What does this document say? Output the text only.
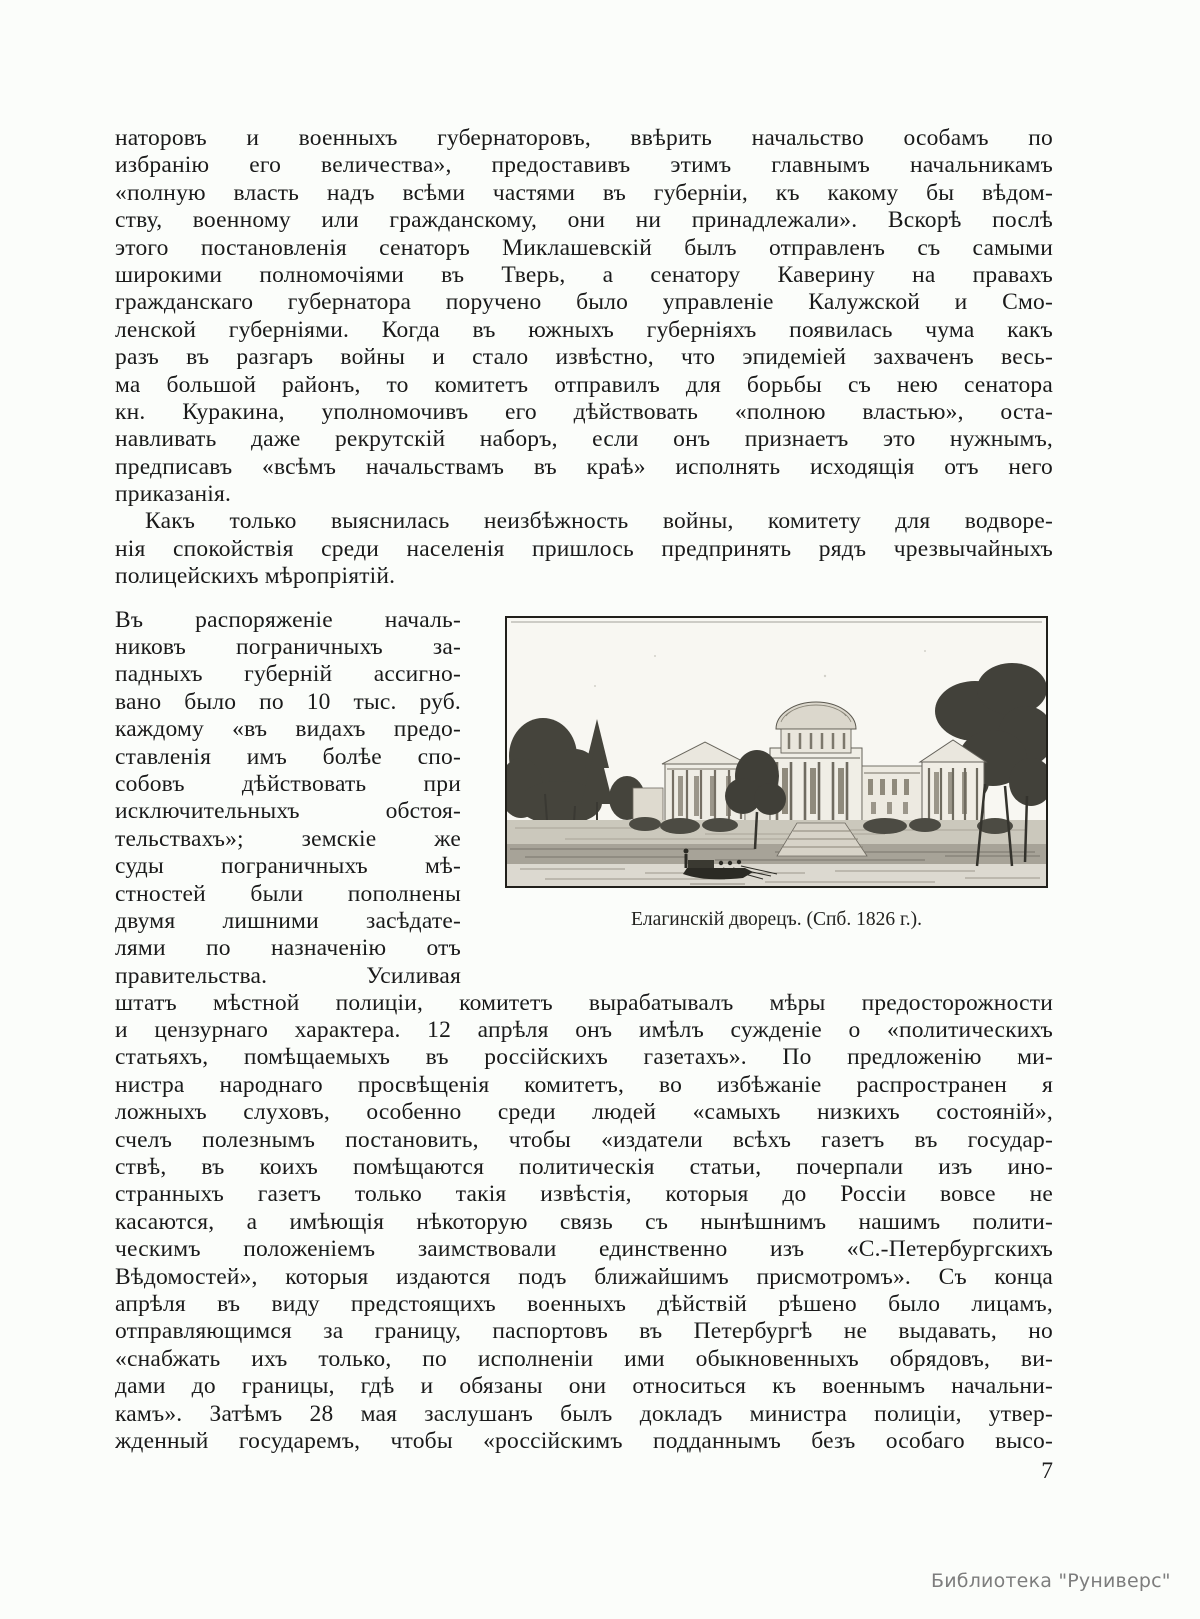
наторовъ и военныхъ губернаторовъ, ввѣрить начальство особамъ по
избранію его величества», предоставивъ этимъ главнымъ начальникамъ
«полную власть надъ всѣми частями въ губерніи, къ какому бы вѣдом-
ству, военному или гражданскому, они ни принадлежали». Вскорѣ послѣ
этого постановленія сенаторъ Миклашевскій былъ отправленъ съ самыми
широкими полномочіями въ Тверь, а сенатору Каверину на правахъ
гражданскаго губернатора поручено было управленіе Калужской и Смо-
ленской губерніями. Когда въ южныхъ губерніяхъ появилась чума какъ
разъ въ разгаръ войны и стало извѣстно, что эпидеміей захваченъ весь-
ма большой районъ, то комитетъ отправилъ для борьбы съ нею сенатора
кн. Куракина, уполномочивъ его дѣйствовать «полною властью», оста-
навливать даже рекрутскій наборъ, если онъ признаетъ это нужнымъ,
предписавъ «всѣмъ начальствамъ въ краѣ» исполнять исходящія отъ него
приказанія.
Какъ только выяснилась неизбѣжность войны, комитету для водворе-
нія спокойствія среди населенія пришлось предпринять рядъ чрезвычайныхъ
полицейскихъ мѣропріятій.
Въ распоряженіе началь-
никовъ пограничныхъ за-
падныхъ губерній ассигно-
вано было по 10 тыс. руб.
каждому «въ видахъ предо-
ставленія имъ болѣе спо-
собовъ дѣйствовать при
исключительныхъ обстоя-
тельствахъ»; земскіе же
суды пограничныхъ мѣ-
стностей были пополнены
двумя лишними засѣдате-
лями по назначенію отъ
правительства. Усиливая
Елагинскій дворецъ. (Спб. 1826 г.).
штатъ мѣстной полиціи, комитетъ вырабатывалъ мѣры предосторожности
и цензурнаго характера. 12 апрѣля онъ имѣлъ сужденіе о «политическихъ
статьяхъ, помѣщаемыхъ въ россійскихъ газетахъ». По предложенію ми-
нистра народнаго просвѣщенія комитетъ, во избѣжаніе распространен я
ложныхъ слуховъ, особенно среди людей «самыхъ низкихъ состояній»,
счелъ полезнымъ постановить, чтобы «издатели всѣхъ газетъ въ государ-
ствѣ, въ коихъ помѣщаются политическія статьи, почерпали изъ ино-
странныхъ газетъ только такія извѣстія, которыя до Россіи вовсе не
касаются, а имѣющія нѣкоторую связь съ нынѣшнимъ нашимъ полити-
ческимъ положеніемъ заимствовали единственно изъ «С.-Петербургскихъ
Вѣдомостей», которыя издаются подъ ближайшимъ присмотромъ». Съ конца
апрѣля въ виду предстоящихъ военныхъ дѣйствій рѣшено было лицамъ,
отправляющимся за границу, паспортовъ въ Петербургѣ не выдавать, но
«снабжать ихъ только, по исполненіи ими обыкновенныхъ обрядовъ, ви-
дами до границы, гдѣ и обязаны они относиться къ военнымъ начальни-
камъ». Затѣмъ 28 мая заслушанъ былъ докладъ министра полиціи, утвер-
жденный государемъ, чтобы «россійскимъ подданнымъ безъ особаго высо-
7
Библиотека "Руниверс"
